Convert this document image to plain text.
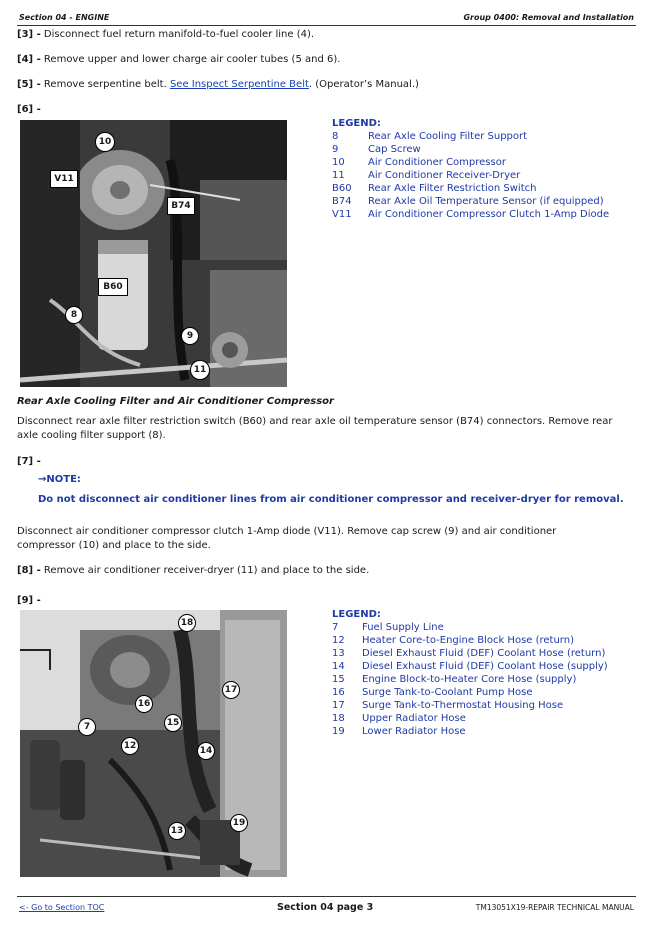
Section 04 - ENGINE	Group 0400: Removal and Installation
[3] - Disconnect fuel return manifold-to-fuel cooler line (4).
[4] - Remove upper and lower charge air cooler tubes (5 and 6).
[5] - Remove serpentine belt. See Inspect Serpentine Belt. (Operator’s Manual.)
[6] -
10
V11
B74
B60
8
9
11
LEGEND:
8	Rear Axle Cooling Filter Support
9	Cap Screw
10	Air Conditioner Compressor
11	Air Conditioner Receiver-Dryer
B60	Rear Axle Filter Restriction Switch
B74	Rear Axle Oil Temperature Sensor (if equipped)
V11	Air Conditioner Compressor Clutch 1-Amp Diode
Rear Axle Cooling Filter and Air Conditioner Compressor
Disconnect rear axle filter restriction switch (B60) and rear axle oil temperature sensor (B74) connectors. Remove rear axle cooling filter support (8).
[7] -
→NOTE:
Do not disconnect air conditioner lines from air conditioner compressor and receiver-dryer for removal.
Disconnect air conditioner compressor clutch 1-Amp diode (V11). Remove cap screw (9) and air conditioner compressor (10) and place to the side.
[8] - Remove air conditioner receiver-dryer (11) and place to the side.
[9] -
18
17
16
7	15
12	14
19
13
LEGEND:
7	Fuel Supply Line
12	Heater Core-to-Engine Block Hose (return)
13	Diesel Exhaust Fluid (DEF) Coolant Hose (return)
14	Diesel Exhaust Fluid (DEF) Coolant Hose (supply)
15	Engine Block-to-Heater Core Hose (supply)
16	Surge Tank-to-Coolant Pump Hose
17	Surge Tank-to-Thermostat Housing Hose
18	Upper Radiator Hose
19	Lower Radiator Hose
<- Go to Section TOC	Section 04 page 3	TM13051X19-REPAIR TECHNICAL MANUAL
